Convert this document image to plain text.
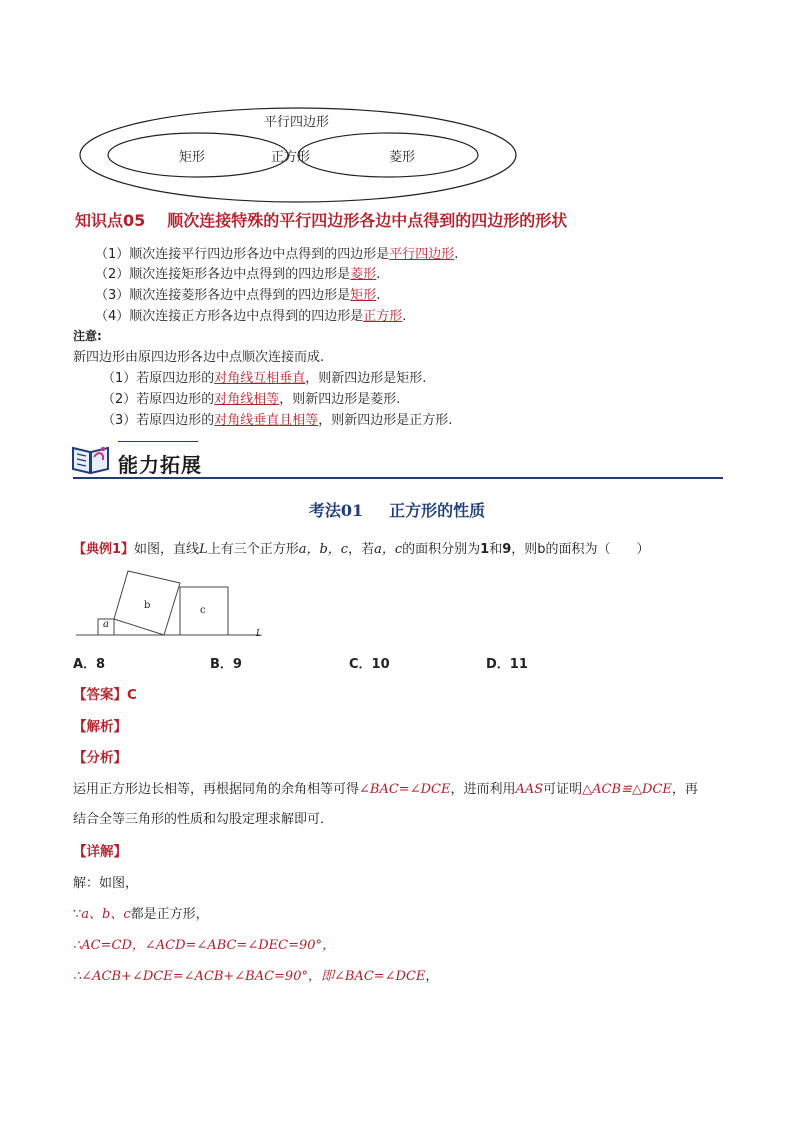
平行四边形
矩形	正方形	菱形
知识点05 顺次连接特殊的平行四边形各边中点得到的四边形的形状
（1）顺次连接平行四边形各边中点得到的四边形是平行四边形.
（2）顺次连接矩形各边中点得到的四边形是菱形.
（3）顺次连接菱形各边中点得到的四边形是矩形.
（4）顺次连接正方形各边中点得到的四边形是正方形.
注意:
新四边形由原四边形各边中点顺次连接而成.
（1）若原四边形的对角线互相垂直，则新四边形是矩形.
（2）若原四边形的对角线相等，则新四边形是菱形.
（3）若原四边形的对角线垂直且相等，则新四边形是正方形.
能力拓展
考法01 正方形的性质
【典例1】如图，直线L上有三个正方形a，b，c，若a，c的面积分别为1和9，则b的面积为（　　）
a
b	c
L
A．8	B．9	C．10	D．11
【答案】C
【解析】
【分析】
运用正方形边长相等，再根据同角的余角相等可得∠BAC=∠DCE，进而利用AAS可证明△ACB≌△DCE，再
结合全等三角形的性质和勾股定理求解即可．
【详解】
解：如图，
∵a、b、c都是正方形，
∴AC=CD，∠ACD=∠ABC=∠DEC=90°，
∴∠ACB+∠DCE=∠ACB+∠BAC=90°，即∠BAC=∠DCE，
